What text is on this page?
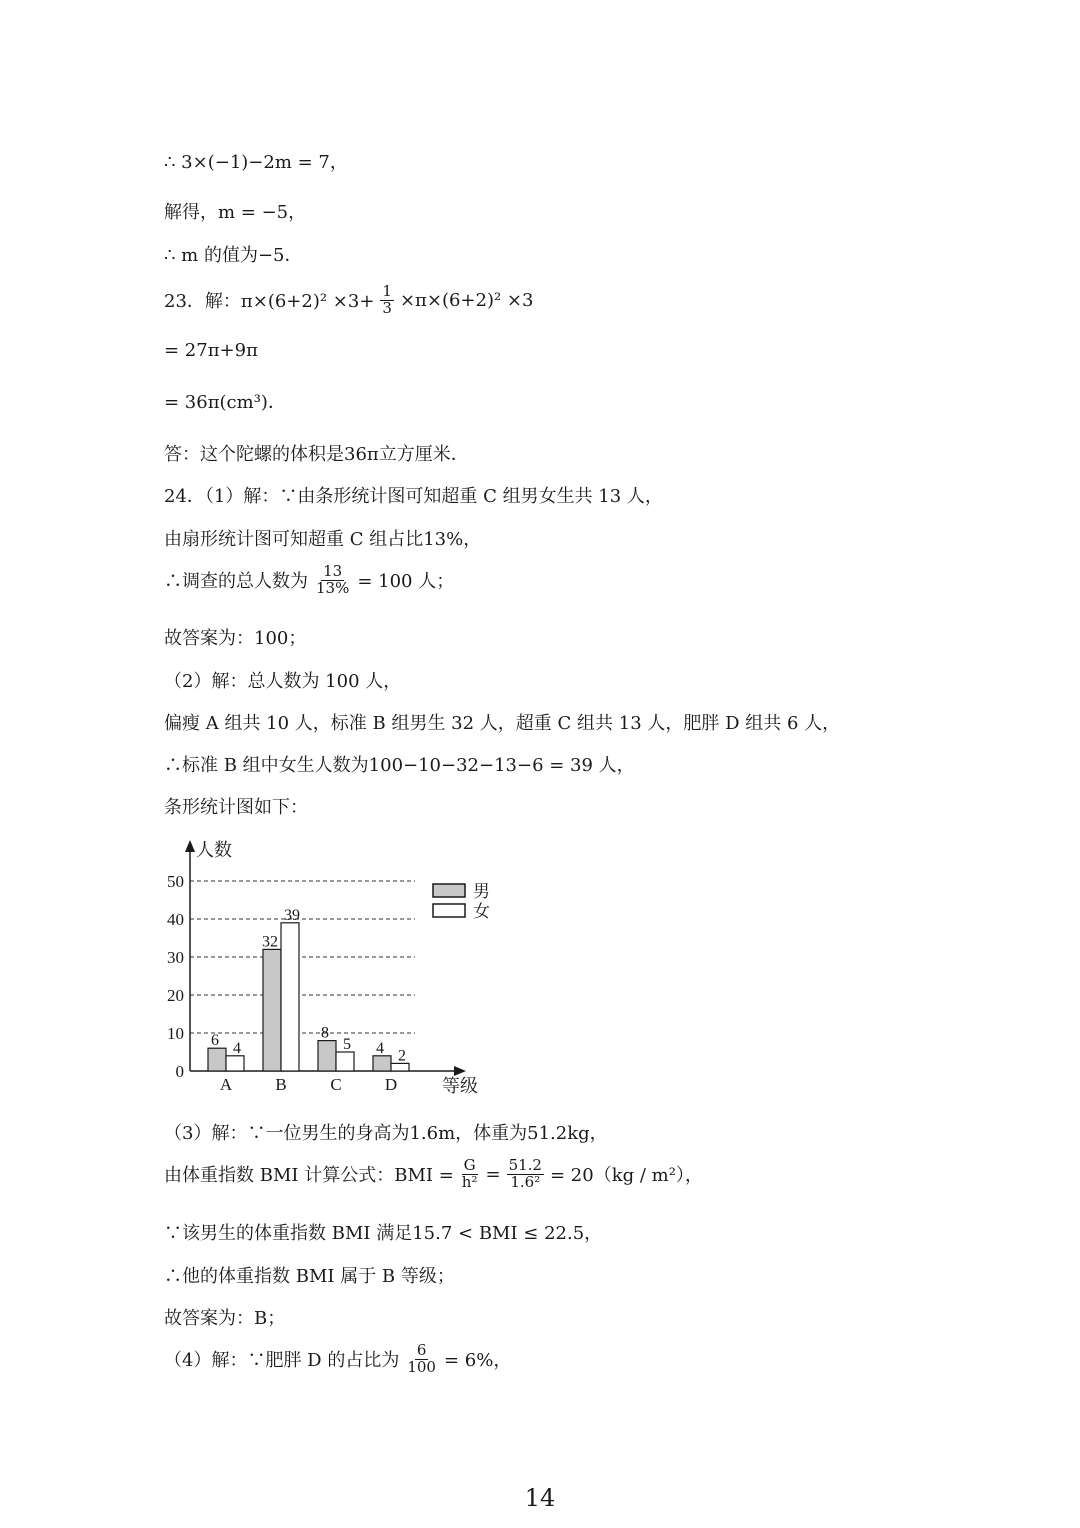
∴ 3×(−1)−2m = 7，
解得，m = −5，
∴ m 的值为−5．
23．解：$\pi\times(6+2)^2 \times 3+ \frac{1}{3} \times\pi\times(6+2)^2 \times 3$
= 27π+9π
= 36π(cm³)．
答：这个陀螺的体积是36π立方厘米．
24．（1）解：∵由条形统计图可知超重 C 组男女生共 13 人，
由扇形统计图可知超重 C 组占比13%，
∴调查的总人数为 $\frac{13}{13\%} = 100$ 人；
故答案为：100；
（2）解：总人数为 100 人，
偏瘦 A 组共 10 人，标准 B 组男生 32 人，超重 C 组共 13 人，肥胖 D 组共 6 人，
∴标准 B 组中女生人数为100−10−32−13−6 = 39 人，
条形统计图如下：
0
10
20
30
40
50
人数
等级
6 4
A
32
39
B
8
5
C
4 2
D
男
女
（3）解：∵一位男生的身高为1.6m，体重为51.2kg，
由体重指数 BMI 计算公式：BMI = $\frac{G}{\text{h²}} = \frac{51.2}{\text{1.6²}} = 20(kg / m^2)$，
∵该男生的体重指数 BMI 满足15.7 < BMI ≤ 22.5，
∴他的体重指数 BMI 属于 B 等级；
故答案为：B；
（4）解：∵肥胖 D 的占比为 $\frac{6}{100} = 6\%$，
14
